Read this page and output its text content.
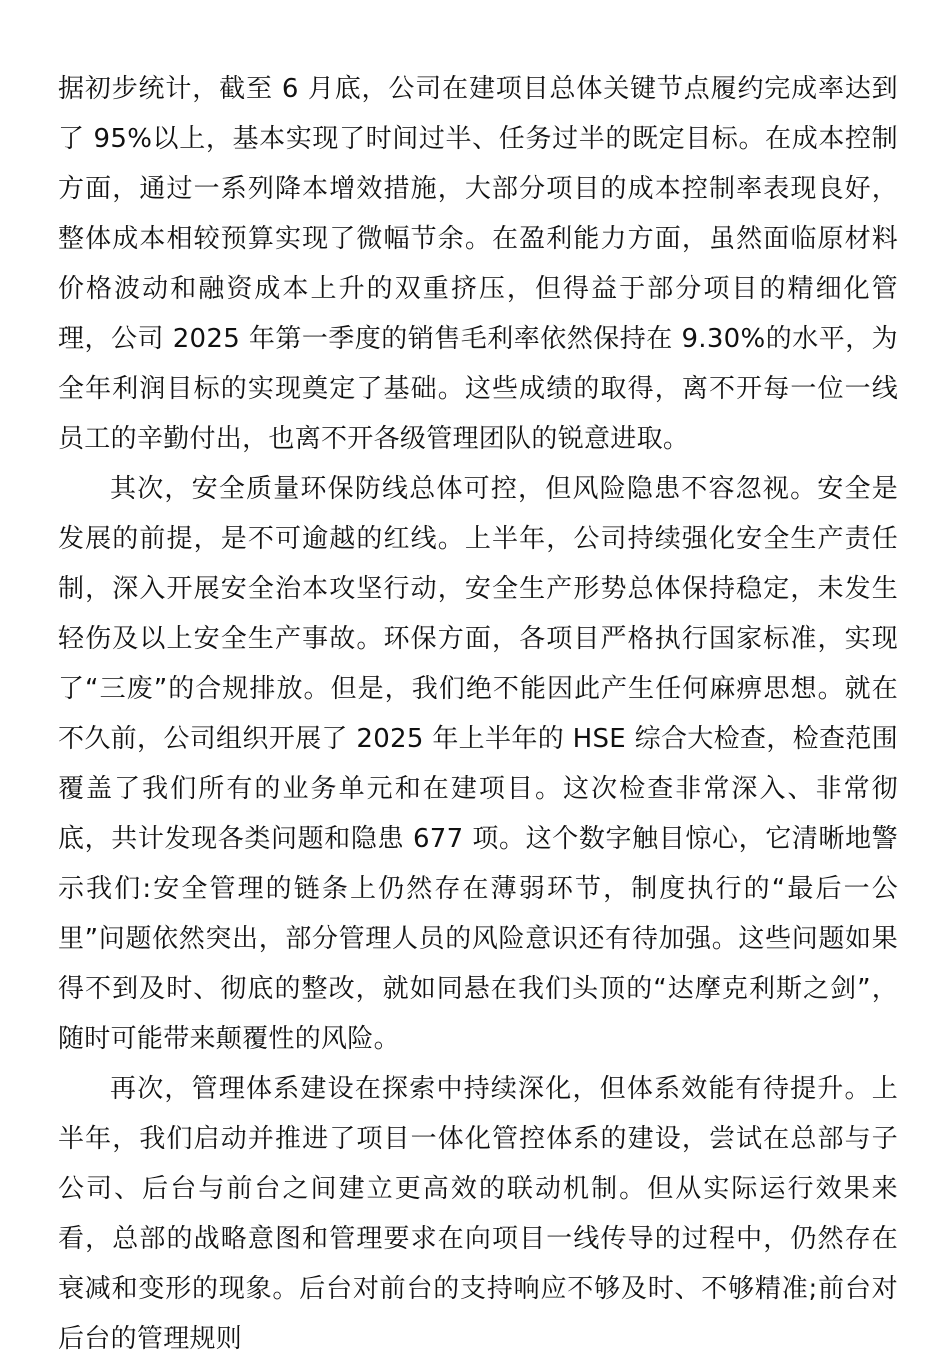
据初步统计，截至 6 月底，公司在建项目总体关键节点履约完成率达到了 95%以上，基本实现了时间过半、任务过半的既定目标。在成本控制方面，通过一系列降本增效措施，大部分项目的成本控制率表现良好，整体成本相较预算实现了微幅节余。在盈利能力方面，虽然面临原材料价格波动和融资成本上升的双重挤压，但得益于部分项目的精细化管理，公司 2025 年第一季度的销售毛利率依然保持在 9.30%的水平，为全年利润目标的实现奠定了基础。这些成绩的取得，离不开每一位一线员工的辛勤付出，也离不开各级管理团队的锐意进取。

其次，安全质量环保防线总体可控，但风险隐患不容忽视。安全是发展的前提，是不可逾越的红线。上半年，公司持续强化安全生产责任制，深入开展安全治本攻坚行动，安全生产形势总体保持稳定，未发生轻伤及以上安全生产事故。环保方面，各项目严格执行国家标准，实现了“三废”的合规排放。但是，我们绝不能因此产生任何麻痹思想。就在不久前，公司组织开展了 2025 年上半年的 HSE 综合大检查，检查范围覆盖了我们所有的业务单元和在建项目。这次检查非常深入、非常彻底，共计发现各类问题和隐患 677 项。这个数字触目惊心，它清晰地警示我们:安全管理的链条上仍然存在薄弱环节，制度执行的“最后一公里”问题依然突出，部分管理人员的风险意识还有待加强。这些问题如果得不到及时、彻底的整改，就如同悬在我们头顶的“达摩克利斯之剑”，随时可能带来颠覆性的风险。

再次，管理体系建设在探索中持续深化，但体系效能有待提升。上半年，我们启动并推进了项目一体化管控体系的建设，尝试在总部与子公司、后台与前台之间建立更高效的联动机制。但从实际运行效果来看，总部的战略意图和管理要求在向项目一线传导的过程中，仍然存在衰减和变形的现象。后台对前台的支持响应不够及时、不够精准;前台对后台的管理规则
